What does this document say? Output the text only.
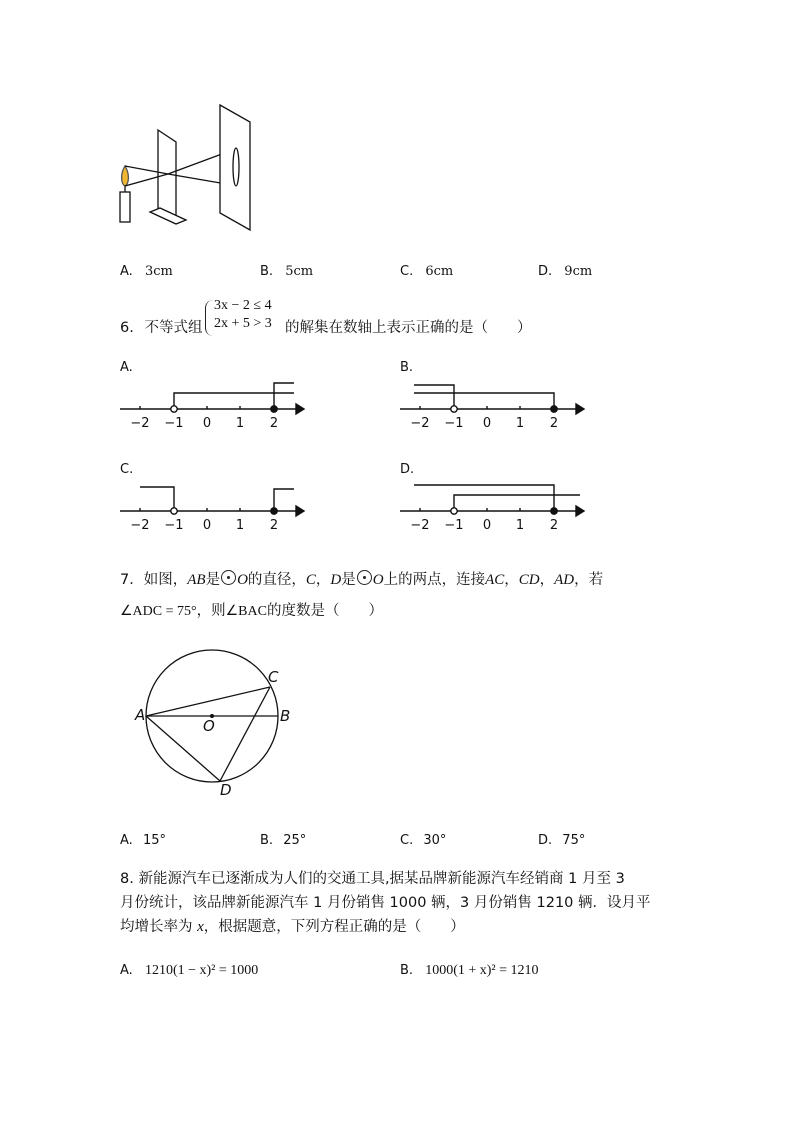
A. 3cm	B. 5cm	C. 6cm	D. 9cm
6. 不等式组
3x − 2 ≤ 4
2x + 5 > 3 的解集在数轴上表示正确的是（　　）
A.	B.
C.	D.
−2 −1 0 1 2	−2 −1 0 1 2
−2 −1 0 1 2	−2 −1 0 1 2
7．如图，AB是 O的直径，C，D是 O上的两点，连接AC，CD，AD，若
∠ADC = 75°，则∠BAC的度数是（　　）
A	B
C
D
O
A. 15°	B. 25°	C. 30°	D. 75°
8. 新能源汽车已逐渐成为人们的交通工具,据某品牌新能源汽车经销商 1 月至 3
月份统计，该品牌新能源汽车 1 月份销售 1000 辆，3 月份销售 1210 辆．设月平
均增长率为 x，根据题意，下列方程正确的是（　　）
A. 1210(1 − x)² = 1000	B. 1000(1 + x)² = 1210
